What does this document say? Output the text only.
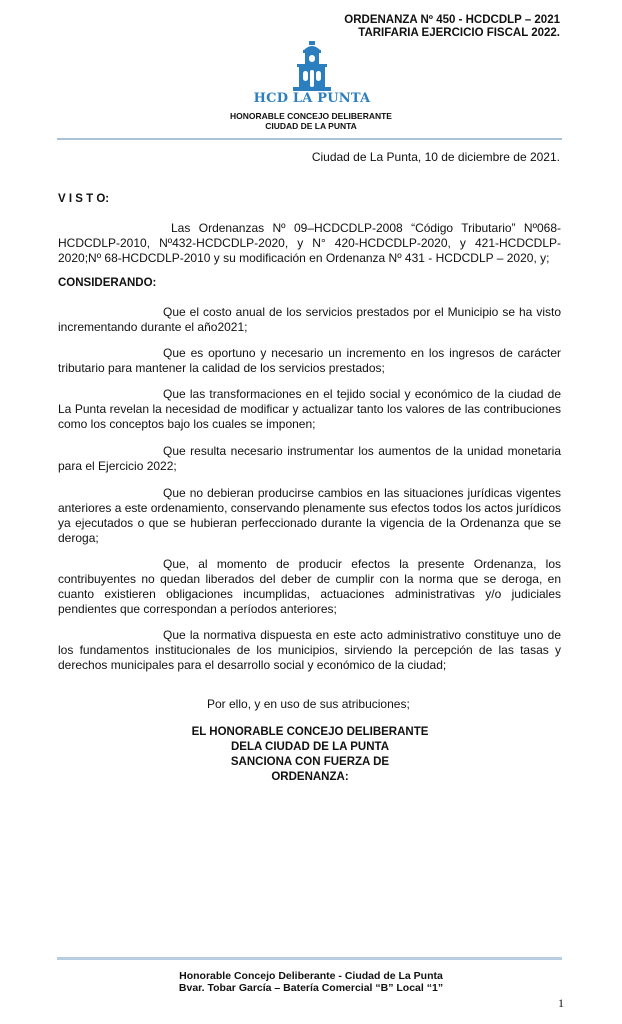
ORDENANZA Nº 450 - HCDCDLP – 2021
TARIFARIA EJERCICIO FISCAL 2022.
HCD LA PUNTA
HONORABLE CONCEJO DELIBERANTE
CIUDAD DE LA PUNTA
Ciudad de La Punta, 10 de diciembre de 2021.
V I S T O:
Las Ordenanzas Nº 09–HCDCDLP-2008 “Código Tributario” Nº068-HCDCDLP-2010, Nº432-HCDCDLP-2020, y N° 420-HCDCDLP-2020, y 421-HCDCDLP-2020;Nº 68-HCDCDLP-2010 y su modificación en Ordenanza Nº 431 - HCDCDLP – 2020, y;
CONSIDERANDO:
Que el costo anual de los servicios prestados por el Municipio se ha visto incrementando durante el año2021;
Que es oportuno y necesario un incremento en los ingresos de carácter tributario para mantener la calidad de los servicios prestados;
Que las transformaciones en el tejido social y económico de la ciudad de La Punta revelan la necesidad de modificar y actualizar tanto los valores de las contribuciones como los conceptos bajo los cuales se imponen;
Que resulta necesario instrumentar los aumentos de la unidad monetaria para el Ejercicio 2022;
Que no debieran producirse cambios en las situaciones jurídicas vigentes anteriores a este ordenamiento, conservando plenamente sus efectos todos los actos jurídicos ya ejecutados o que se hubieran perfeccionado durante la vigencia de la Ordenanza que se deroga;
Que, al momento de producir efectos la presente Ordenanza, los contribuyentes no quedan liberados del deber de cumplir con la norma que se deroga, en cuanto existieren obligaciones incumplidas, actuaciones administrativas y/o judiciales pendientes que correspondan a períodos anteriores;
Que la normativa dispuesta en este acto administrativo constituye uno de los fundamentos institucionales de los municipios, sirviendo la percepción de las tasas y derechos municipales para el desarrollo social y económico de la ciudad;
Por ello, y en uso de sus atribuciones;
EL HONORABLE CONCEJO DELIBERANTE
DELA CIUDAD DE LA PUNTA
SANCIONA CON FUERZA DE
ORDENANZA:
Honorable Concejo Deliberante - Ciudad de La Punta
Bvar. Tobar García – Batería Comercial “B” Local “1”
1
